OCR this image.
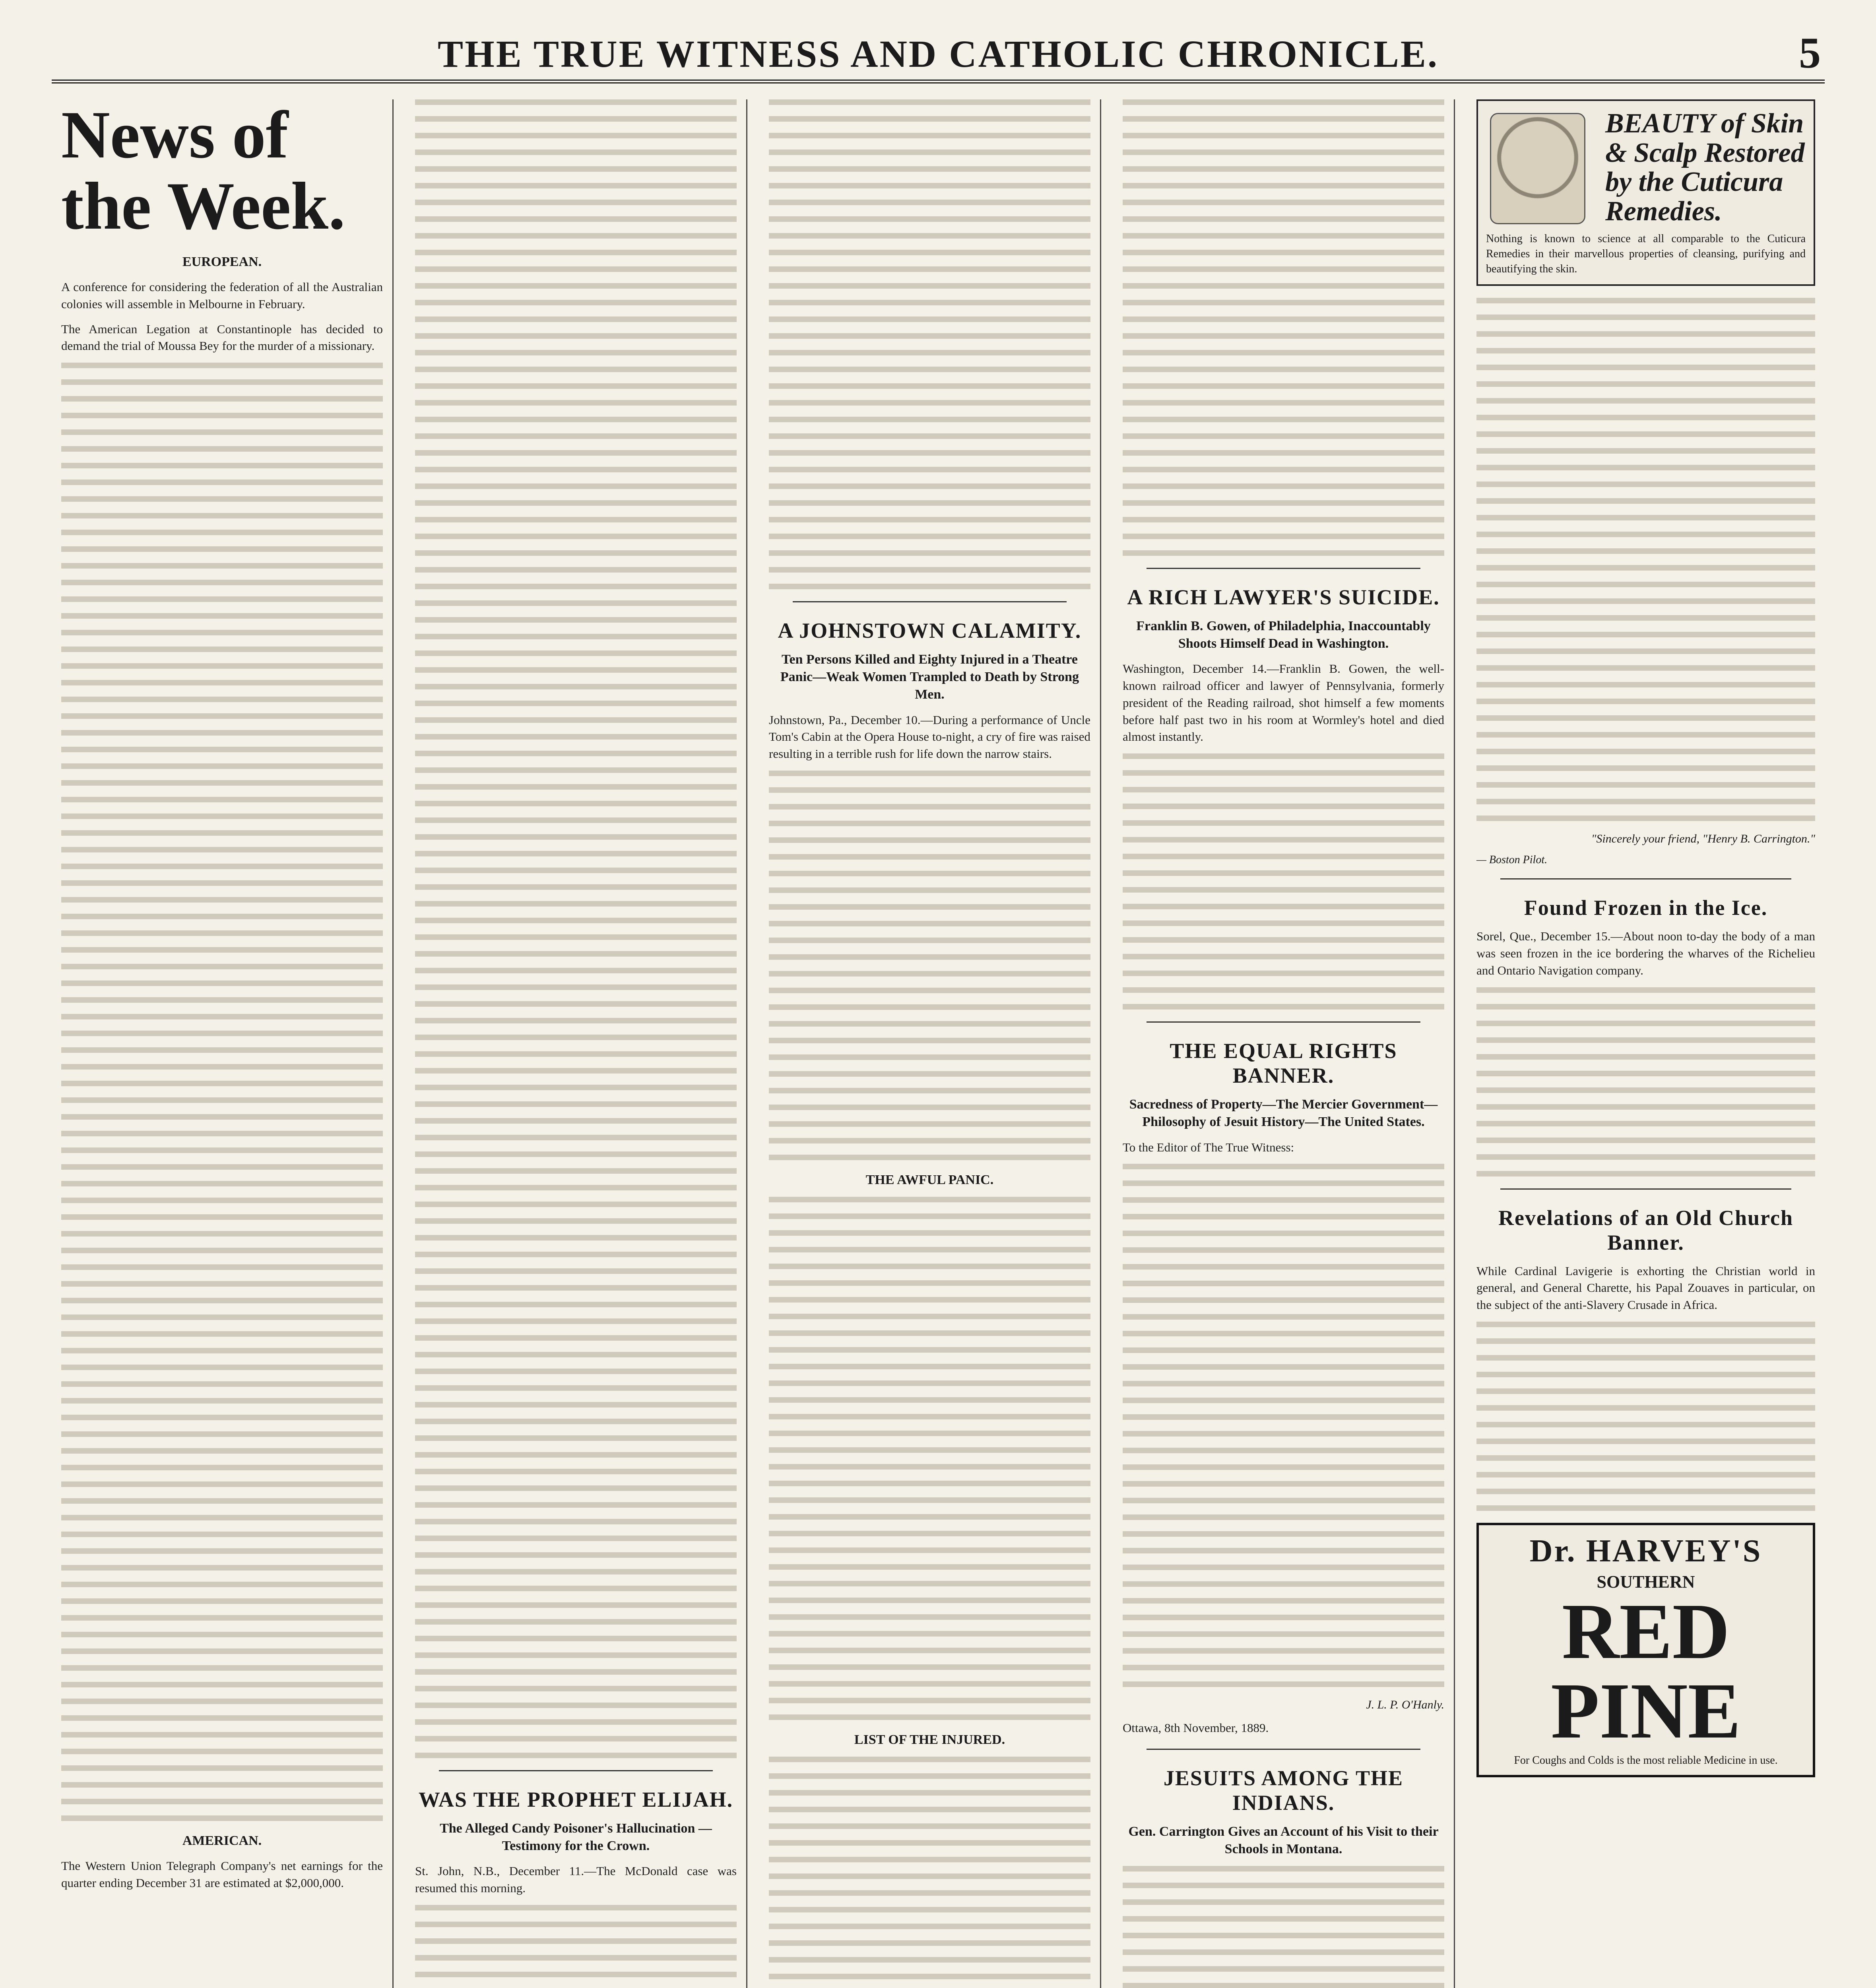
THE TRUE WITNESS AND CATHOLIC CHRONICLE.	5
News of the Week.
EUROPEAN.
A conference for considering the federation of all the Australian colonies will assemble in Melbourne in February.
The American Legation at Constantinople has decided to demand the trial of Moussa Bey for the murder of a missionary.
AMERICAN.
The Western Union Telegraph Company's net earnings for the quarter ending December 31 are estimated at $2,000,000.
WAS THE PROPHET ELIJAH.
The Alleged Candy Poisoner's Hallucination —Testimony for the Crown.
St. John, N.B., December 11.—The McDonald case was resumed this morning.
A JOHNSTOWN CALAMITY.
Ten Persons Killed and Eighty Injured in a Theatre Panic—Weak Women Trampled to Death by Strong Men.
Johnstown, Pa., December 10.—During a performance of Uncle Tom's Cabin at the Opera House to-night, a cry of fire was raised resulting in a terrible rush for life down the narrow stairs.
THE AWFUL PANIC.
LIST OF THE INJURED.
A RICH LAWYER'S SUICIDE.
Franklin B. Gowen, of Philadelphia, Inaccountably Shoots Himself Dead in Washington.
Washington, December 14.—Franklin B. Gowen, the well-known railroad officer and lawyer of Pennsylvania, formerly president of the Reading railroad, shot himself a few moments before half past two in his room at Wormley's hotel and died almost instantly.
THE EQUAL RIGHTS BANNER.
Sacredness of Property—The Mercier Government—Philosophy of Jesuit History—The United States.
To the Editor of The True Witness:
J. L. P. O'Hanly.
Ottawa, 8th November, 1889.
JESUITS AMONG THE INDIANS.
Gen. Carrington Gives an Account of his Visit to their Schools in Montana.
BEAUTY of Skin & Scalp Restored by the Cuticura Remedies.
Nothing is known to science at all comparable to the Cuticura Remedies in their marvellous properties of cleansing, purifying and beautifying the skin.
"Sincerely your friend, "Henry B. Carrington."
— Boston Pilot.
Found Frozen in the Ice.
Sorel, Que., December 15.—About noon to-day the body of a man was seen frozen in the ice bordering the wharves of the Richelieu and Ontario Navigation company.
Revelations of an Old Church Banner.
While Cardinal Lavigerie is exhorting the Christian world in general, and General Charette, his Papal Zouaves in particular, on the subject of the anti-Slavery Crusade in Africa.
Dr. HARVEY'S
SOUTHERN
RED PINE
For Coughs and Colds is the most reliable Medicine in use.
